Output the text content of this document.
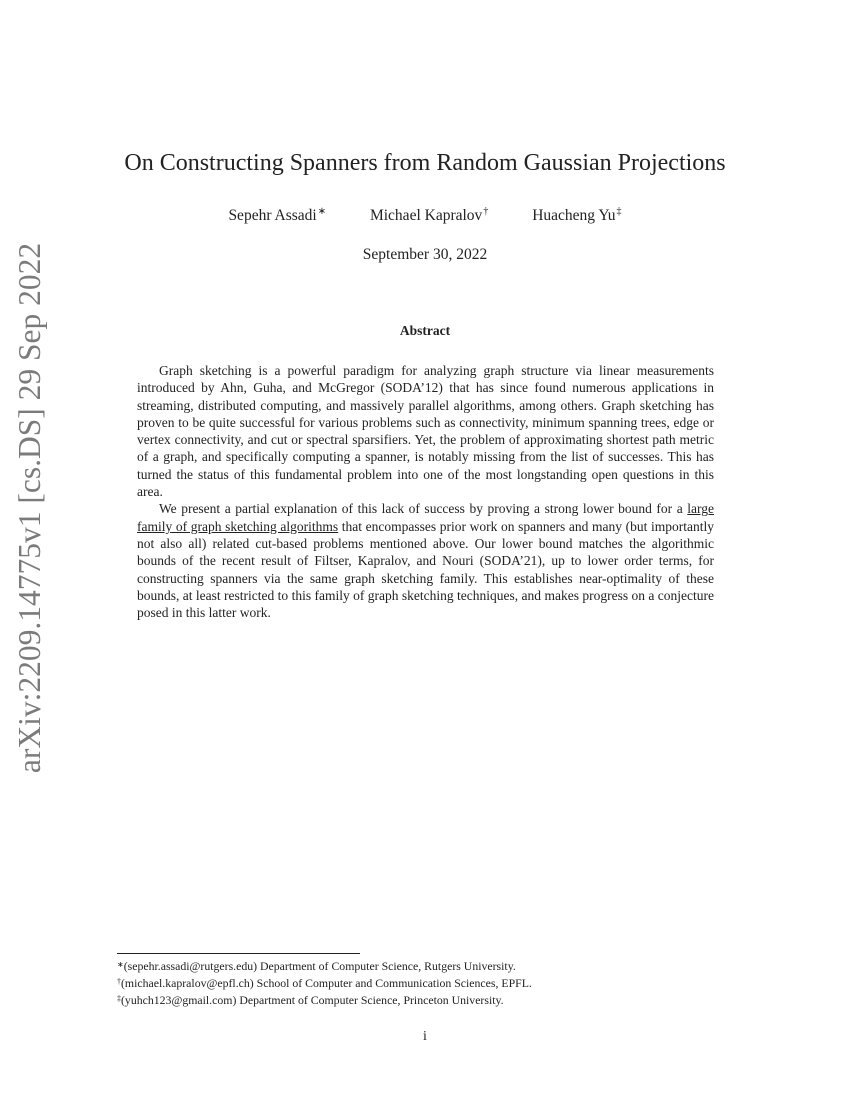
arXiv:2209.14775v1 [cs.DS] 29 Sep 2022
On Constructing Spanners from Random Gaussian Projections
Sepehr Assadi∗	Michael Kapralov†	Huacheng Yu‡
September 30, 2022
Abstract

Graph sketching is a powerful paradigm for analyzing graph structure via linear measurements introduced by Ahn, Guha, and McGregor (SODA’12) that has since found numerous applications in streaming, distributed computing, and massively parallel algorithms, among others. Graph sketching has proven to be quite successful for various problems such as connectivity, minimum spanning trees, edge or vertex connectivity, and cut or spectral sparsifiers. Yet, the problem of approximating shortest path metric of a graph, and specifically computing a spanner, is notably missing from the list of successes. This has turned the status of this fundamental problem into one of the most longstanding open questions in this area.

We present a partial explanation of this lack of success by proving a strong lower bound for a large family of graph sketching algorithms that encompasses prior work on spanners and many (but importantly not also all) related cut-based problems mentioned above. Our lower bound matches the algorithmic bounds of the recent result of Filtser, Kapralov, and Nouri (SODA’21), up to lower order terms, for constructing spanners via the same graph sketching family. This establishes near-optimality of these bounds, at least restricted to this family of graph sketching techniques, and makes progress on a conjecture posed in this latter work.

∗(sepehr.assadi@rutgers.edu) Department of Computer Science, Rutgers University.
†(michael.kapralov@epfl.ch) School of Computer and Communication Sciences, EPFL.
‡(yuhch123@gmail.com) Department of Computer Science, Princeton University.
i
